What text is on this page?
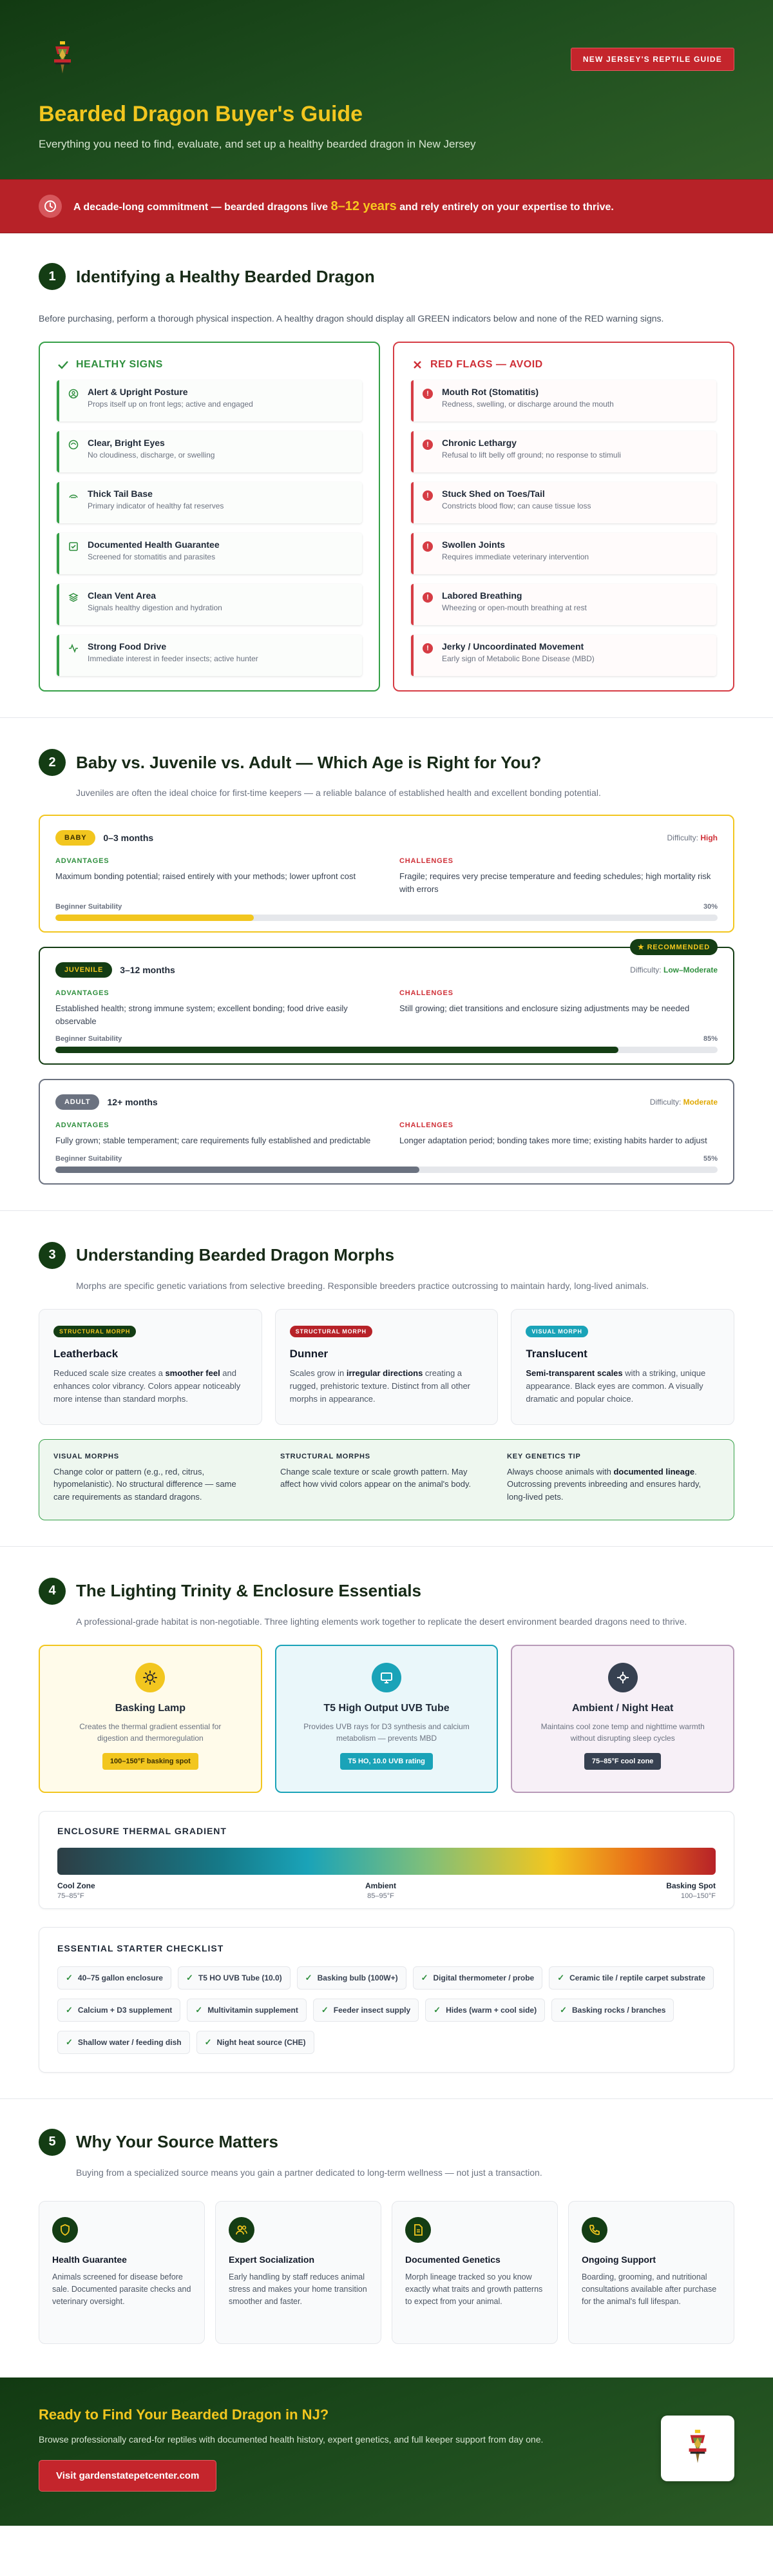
NEW JERSEY'S REPTILE GUIDE
Bearded Dragon Buyer's Guide

Everything you need to find, evaluate, and set up a healthy bearded dragon in New Jersey

A decade-long commitment — bearded dragons live 8–12 years and rely entirely on your expertise to thrive.
1	Identifying a Healthy Bearded Dragon

Before purchasing, perform a thorough physical inspection. A healthy dragon should display all GREEN indicators below and none of the RED warning signs.

HEALTHY SIGNS
Alert & Upright Posture
Props itself up on front legs; active and engaged
Clear, Bright Eyes
No cloudiness, discharge, or swelling
Thick Tail Base
Primary indicator of healthy fat reserves
Documented Health Guarantee
Screened for stomatitis and parasites
Clean Vent Area
Signals healthy digestion and hydration
Strong Food Drive
Immediate interest in feeder insects; active hunter
RED FLAGS — AVOID
!	Mouth Rot (Stomatitis)
Redness, swelling, or discharge around the mouth
!	Chronic Lethargy
Refusal to lift belly off ground; no response to stimuli
!	Stuck Shed on Toes/Tail
Constricts blood flow; can cause tissue loss
!	Swollen Joints
Requires immediate veterinary intervention
!	Labored Breathing
Wheezing or open-mouth breathing at rest
!	Jerky / Uncoordinated Movement
Early sign of Metabolic Bone Disease (MBD)
2	Baby vs. Juvenile vs. Adult — Which Age is Right for You?

Juveniles are often the ideal choice for first-time keepers — a reliable balance of established health and excellent bonding potential.

BABY	0–3 months	Difficulty: High
ADVANTAGES
Maximum bonding potential; raised entirely with your methods; lower upfront cost
CHALLENGES
Fragile; requires very precise temperature and feeding schedules; high mortality risk with errors
Beginner Suitability	30%
★ RECOMMENDED
JUVENILE	3–12 months	Difficulty: Low–Moderate
ADVANTAGES
Established health; strong immune system; excellent bonding; food drive easily observable
CHALLENGES
Still growing; diet transitions and enclosure sizing adjustments may be needed
Beginner Suitability	85%
ADULT	12+ months	Difficulty: Moderate
ADVANTAGES
Fully grown; stable temperament; care requirements fully established and predictable
CHALLENGES
Longer adaptation period; bonding takes more time; existing habits harder to adjust
Beginner Suitability	55%
3	Understanding Bearded Dragon Morphs

Morphs are specific genetic variations from selective breeding. Responsible breeders practice outcrossing to maintain hardy, long-lived animals.

STRUCTURAL MORPH
Leatherback
Reduced scale size creates a smoother feel and enhances color vibrancy. Colors appear noticeably more intense than standard morphs.
STRUCTURAL MORPH
Dunner
Scales grow in irregular directions creating a rugged, prehistoric texture. Distinct from all other morphs in appearance.
VISUAL MORPH
Translucent
Semi-transparent scales with a striking, unique appearance. Black eyes are common. A visually dramatic and popular choice.
VISUAL MORPHS
Change color or pattern (e.g., red, citrus, hypomelanistic). No structural difference — same care requirements as standard dragons.
STRUCTURAL MORPHS
Change scale texture or scale growth pattern. May affect how vivid colors appear on the animal's body.
KEY GENETICS TIP
Always choose animals with documented lineage. Outcrossing prevents inbreeding and ensures hardy, long-lived pets.
4	The Lighting Trinity & Enclosure Essentials

A professional-grade habitat is non-negotiable. Three lighting elements work together to replicate the desert environment bearded dragons need to thrive.

Basking Lamp
Creates the thermal gradient essential for digestion and thermoregulation
100–150°F basking spot
T5 High Output UVB Tube
Provides UVB rays for D3 synthesis and calcium metabolism — prevents MBD
T5 HO, 10.0 UVB rating
Ambient / Night Heat
Maintains cool zone temp and nighttime warmth without disrupting sleep cycles
75–85°F cool zone
ENCLOSURE THERMAL GRADIENT
Cool Zone
75–85°F
Ambient
85–95°F
Basking Spot
100–150°F
ESSENTIAL STARTER CHECKLIST
✓ 40–75 gallon enclosure	✓ T5 HO UVB Tube (10.0)	✓ Basking bulb (100W+)	✓ Digital thermometer / probe	✓ Ceramic tile / reptile carpet substrate
✓ Calcium + D3 supplement	✓ Multivitamin supplement	✓ Feeder insect supply	✓ Hides (warm + cool side)	✓ Basking rocks / branches
✓ Shallow water / feeding dish	✓ Night heat source (CHE)
5	Why Your Source Matters

Buying from a specialized source means you gain a partner dedicated to long-term wellness — not just a transaction.

Health Guarantee
Animals screened for disease before sale. Documented parasite checks and veterinary oversight.
Expert Socialization
Early handling by staff reduces animal stress and makes your home transition smoother and faster.
Documented Genetics
Morph lineage tracked so you know exactly what traits and growth patterns to expect from your animal.
Ongoing Support
Boarding, grooming, and nutritional consultations available after purchase for the animal's full lifespan.
Ready to Find Your Bearded Dragon in NJ?

Browse professionally cared-for reptiles with documented health history, expert genetics, and full keeper support from day one.

Visit gardenstatepetcenter.com
